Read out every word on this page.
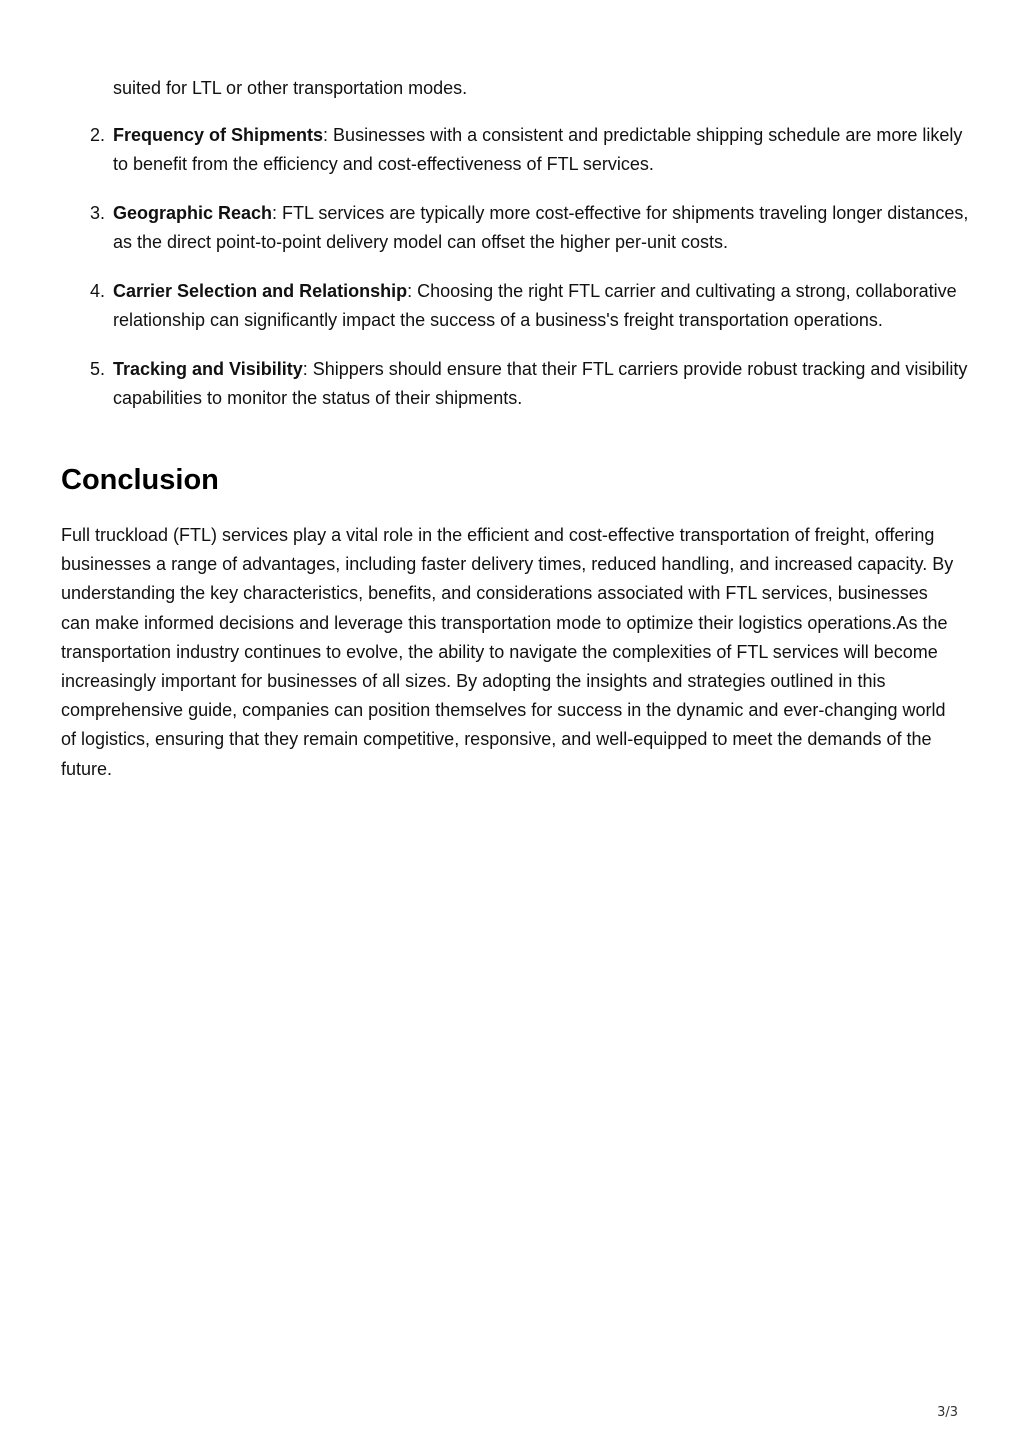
suited for LTL or other transportation modes.

2. Frequency of Shipments: Businesses with a consistent and predictable shipping schedule are more likely to benefit from the efficiency and cost-effectiveness of FTL services.
3. Geographic Reach: FTL services are typically more cost-effective for shipments traveling longer distances, as the direct point-to-point delivery model can offset the higher per-unit costs.
4. Carrier Selection and Relationship: Choosing the right FTL carrier and cultivating a strong, collaborative relationship can significantly impact the success of a business's freight transportation operations.
5. Tracking and Visibility: Shippers should ensure that their FTL carriers provide robust tracking and visibility capabilities to monitor the status of their shipments.
Conclusion

Full truckload (FTL) services play a vital role in the efficient and cost-effective transportation of freight, offering businesses a range of advantages, including faster delivery times, reduced handling, and increased capacity. By understanding the key characteristics, benefits, and considerations associated with FTL services, businesses can make informed decisions and leverage this transportation mode to optimize their logistics operations.As the transportation industry continues to evolve, the ability to navigate the complexities of FTL services will become increasingly important for businesses of all sizes. By adopting the insights and strategies outlined in this comprehensive guide, companies can position themselves for success in the dynamic and ever-changing world of logistics, ensuring that they remain competitive, responsive, and well-equipped to meet the demands of the future.

3/3
